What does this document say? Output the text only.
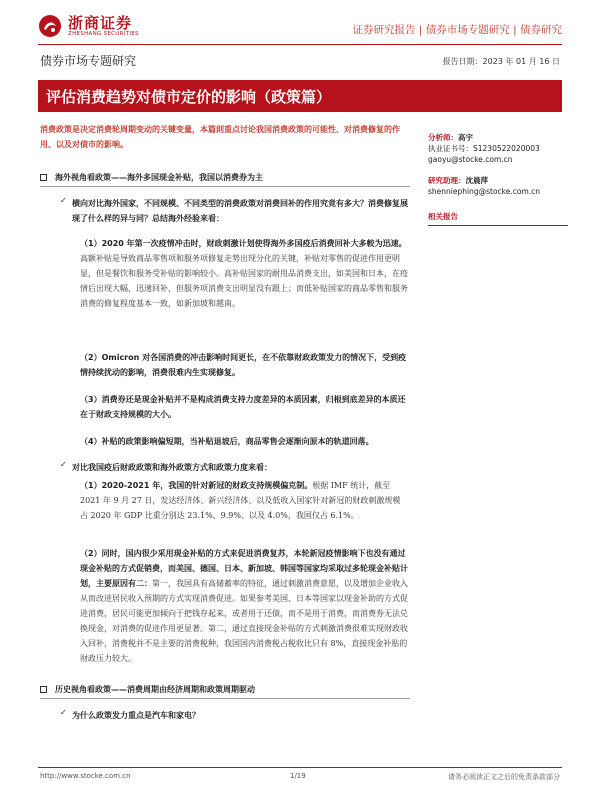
浙商证券
ZHESHANG SECURITIES	证券研究报告 | 债券市场专题研究 | 债券研究
债券市场专题研究	报告日期：2023 年 01 月 16 日
评估消费趋势对债市定价的影响（政策篇）
消费政策是决定消费轮周期变动的关键变量，本篇則重点讨论我国消费政策的可能性、对消费修复的作用、以及对债市的影响。
海外视角看政策——海外多国现金补贴，我国以消费券为主
✓ 横向对比海外国家，不同规模、不同类型的消费政策对消费回补的作用究竟有多大？消费修复展现了什么样的异与同？总结海外经验来看：
（1）2020 年第一次疫情冲击时，财政刺激计划使得海外多国疫后消费回补大多較为迅速。高额补贴是导致商品零售项和服务项修复走势出现分化的关键，补贴对零售的促进作用更明显，但是餐饮和服务受补贴的影响较小。高补贴国家的耐用品消费支出，如美国和日本，在疫情后出现大幅，迅速回补，但服务项消费支出明显没有跟上；而低补贴国家的商品零售和服务消费的修复程度基本一致，如新加坡和越南。
（2）Omicron 对各国消费的冲击影响时间更长，在不依靠财政政策发力的情况下，受到疫情持续扰动的影响，消费很难内生实现修复。
（3）消费券还是现金补贴并不是构成消费支持力度差异的本质因素，归根到底差异的本质还在于财政支持规模的大小。
（4）补贴的政策影响偏短期，当补贴退坡后，商品零售会逐渐向原本的轨道回落。
✓ 对比我国疫后财政政策和海外政策方式和政策力度来看：
（1）2020-2021 年，我国的针对新冠的财政支持规模偏克制。根据 IMF 统计，截至 2021 年 9 月 27 日，发达经济体、新兴经济体、以及低收入国家针对新冠的财政刺激规模 占 2020 年 GDP 比重分别达 23.1%、9.9%、以及 4.0%，我国仅占 6.1%。
（2）同时，国内很少采用现金补贴的方式来促进消费复苏，本轮新冠疫情影响下也没有通过现金补贴的方式促销费，而美国、德国、日本、新加坡、韩国等国家均采取过多轮现金补贴计划，主要原因有二：第一，我国具有高储蓄率的特征，通过刺激消费意愿，以及增加企业收入从而改进居民收入预期的方式实现消费促进。如果参考美国、日本等国家以现金补助的方式促进消费，居民可能更加倾向于把钱存起来，或者用于还债，而不是用于消费，而消费券无法兑换现金，对消费的促进作用更显著。第二，通过直接现金补贴的方式刺激消费很难实现财政收入回补，消费税并不是主要的消费税种，我国国内消费税占税收比只有 8%，直接现金补贴的财政压力较大。
历史视角看政策——消费周期由经济周期和政策周期驱动
✓ 为什么政策发力重点是汽车和家电？
分析师：高宇
执业证书号：S1230522020003
gaoyu@stocke.com.cn
研究助理：沈晨萍
shenniephing@stocke.com.cn
相关报告
http://www.stocke.com.cn	1/19	请务必阅读正文之后的免责条款部分
